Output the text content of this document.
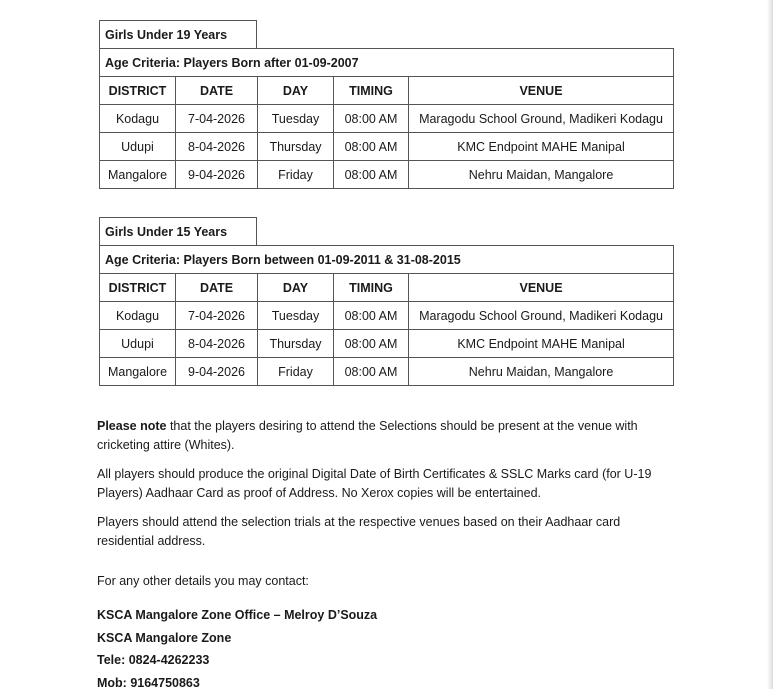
Girls Under 19 Years
Age Criteria: Players Born after 01-09-2007				
DISTRICT	DATE	DAY	TIMING	VENUE
Kodagu	7-04-2026	Tuesday	08:00 AM	Maragodu School Ground, Madikeri Kodagu
Udupi	8-04-2026	Thursday	08:00 AM	KMC Endpoint MAHE Manipal
Mangalore	9-04-2026	Friday	08:00 AM	Nehru Maidan, Mangalore
Girls Under 15 Years
Age Criteria: Players Born between 01-09-2011 & 31-08-2015				
DISTRICT	DATE	DAY	TIMING	VENUE
Kodagu	7-04-2026	Tuesday	08:00 AM	Maragodu School Ground, Madikeri Kodagu
Udupi	8-04-2026	Thursday	08:00 AM	KMC Endpoint MAHE Manipal
Mangalore	9-04-2026	Friday	08:00 AM	Nehru Maidan, Mangalore

Please note that the players desiring to attend the Selections should be present at the venue with cricketing attire (Whites).

All players should produce the original Digital Date of Birth Certificates & SSLC Marks card (for U-19 Players) Aadhaar Card as proof of Address. No Xerox copies will be entertained.

Players should attend the selection trials at the respective venues based on their Aadhaar card residential address.

For any other details you may contact:
KSCA Mangalore Zone Office – Melroy D’Souza
KSCA Mangalore Zone
Tele: 0824-4262233
Mob: 9164750863
